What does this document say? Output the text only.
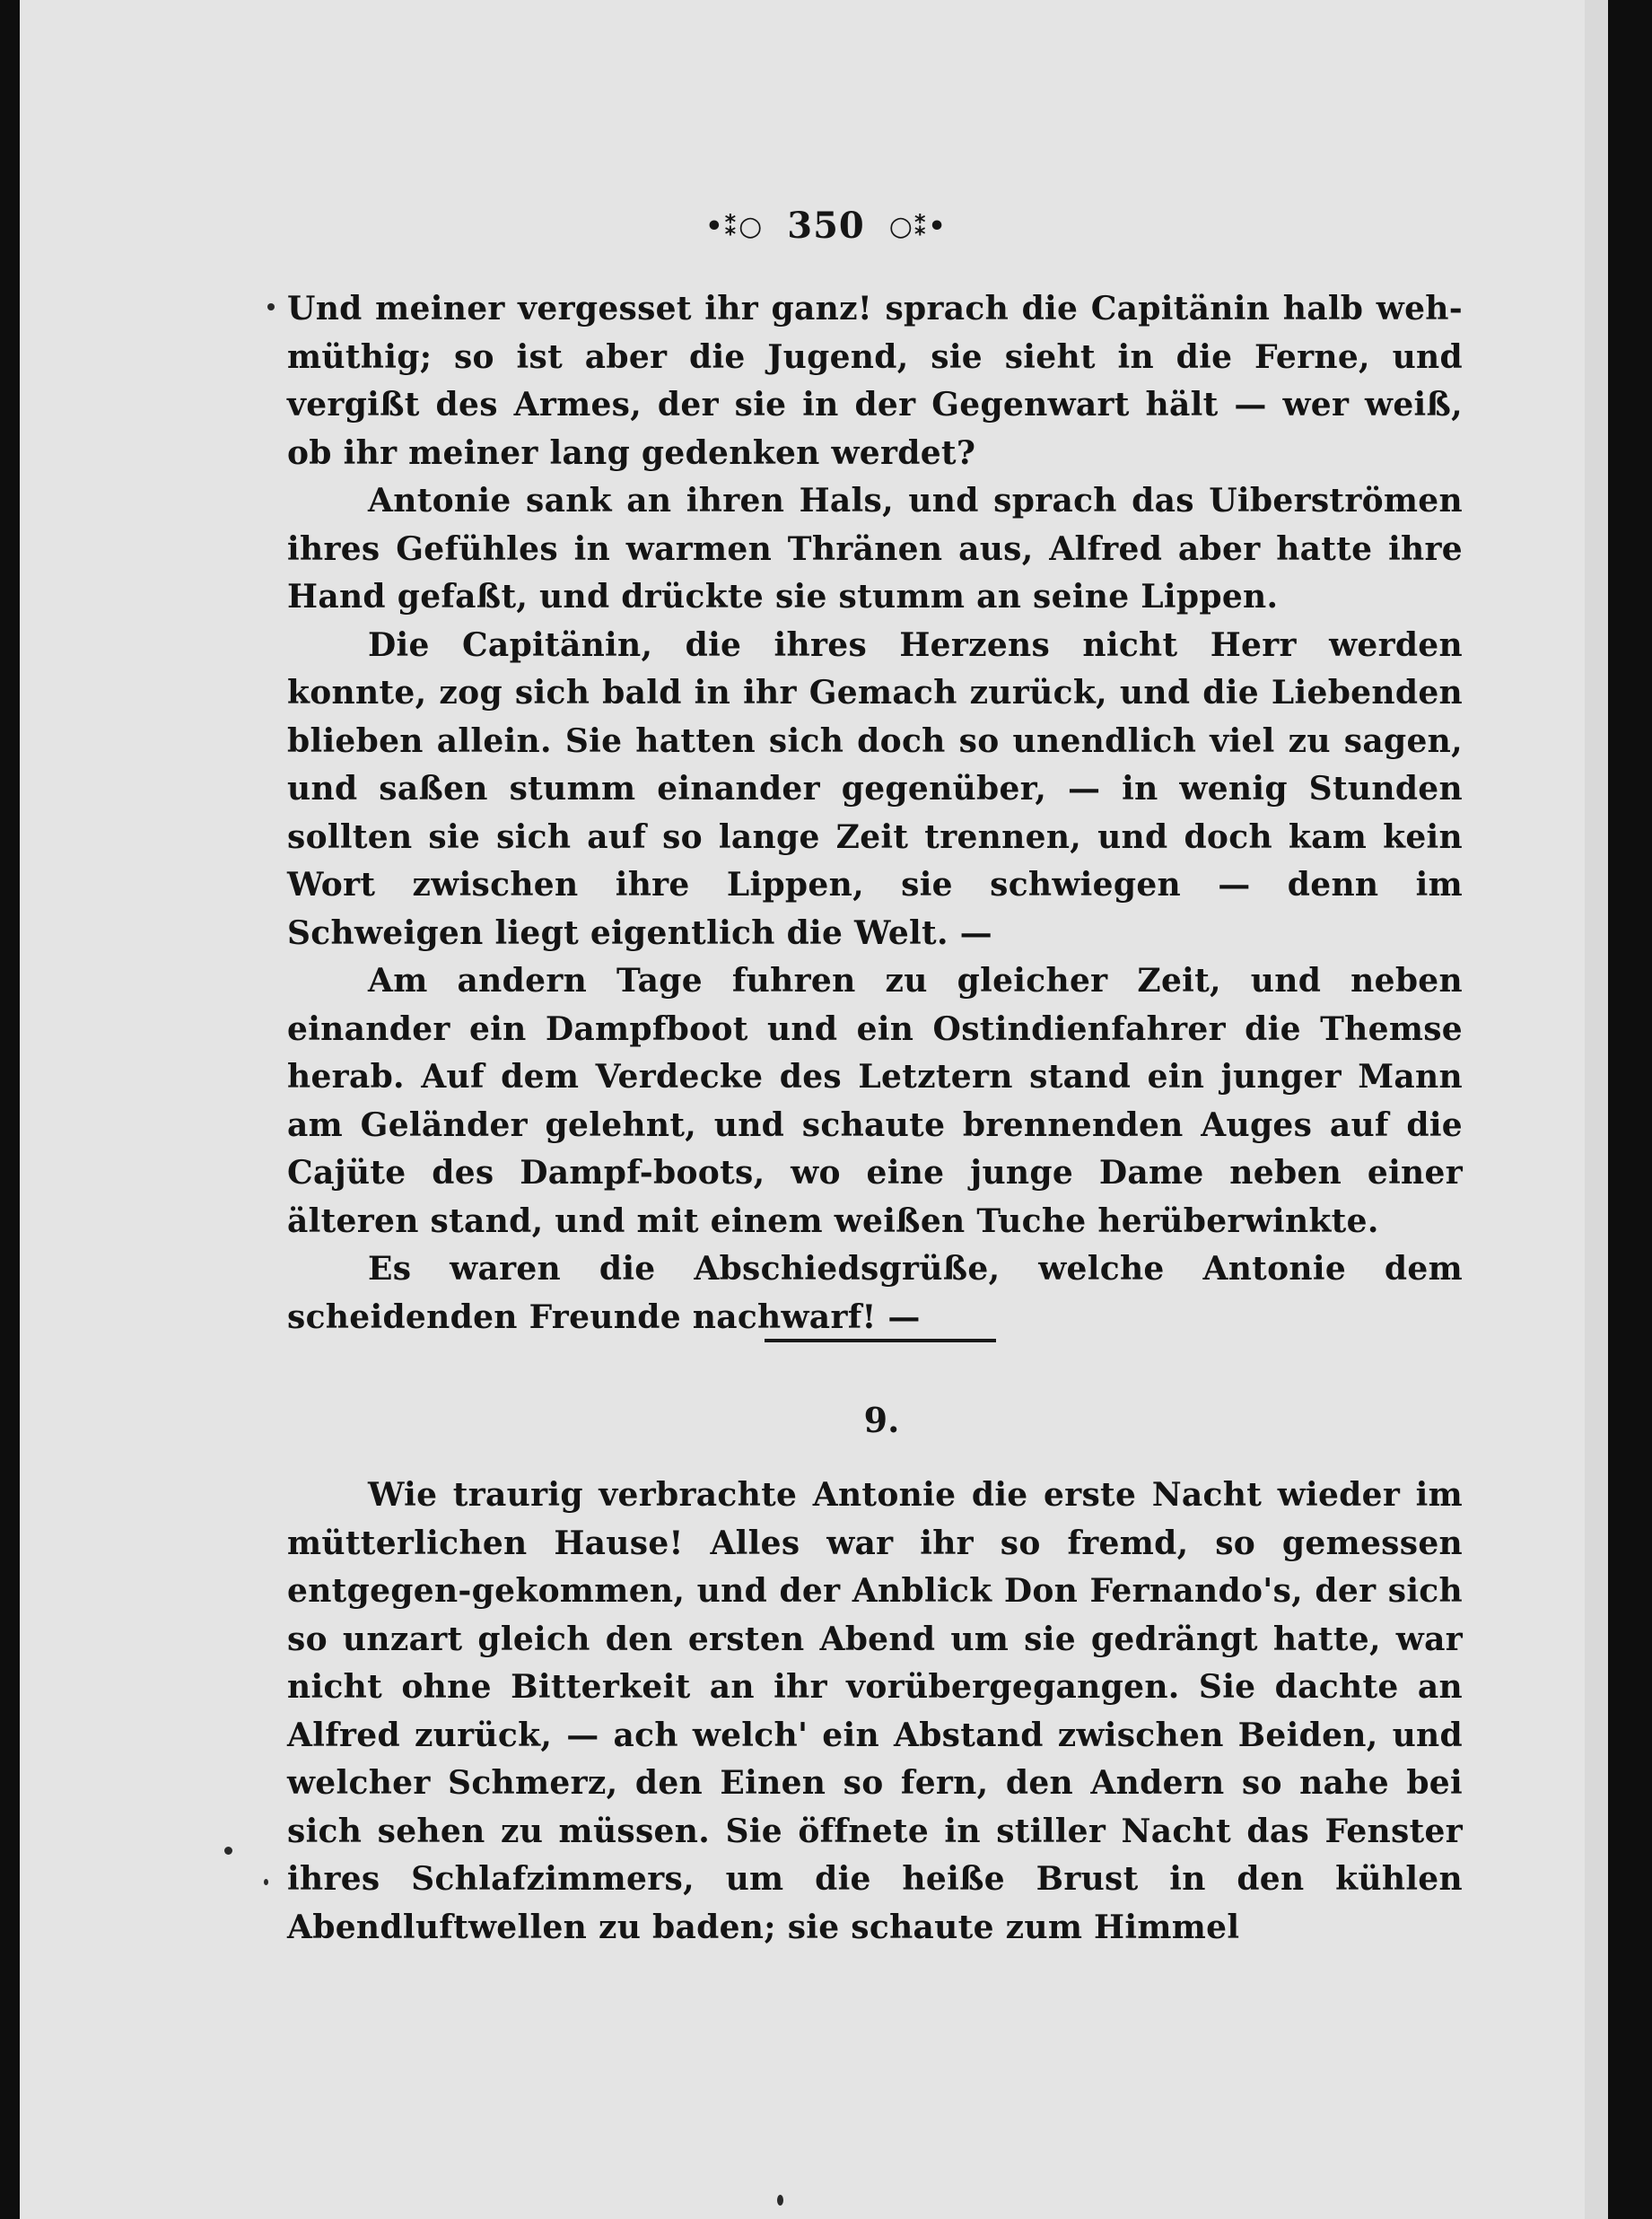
•⁑○ 350 ○⁑•

Und meiner vergesset ihr ganz! sprach die Capitänin halb weh-müthig; so ist aber die Jugend, sie sieht in die Ferne, und vergißt des Armes, der sie in der Gegenwart hält — wer weiß, ob ihr meiner lang gedenken werdet?

Antonie sank an ihren Hals, und sprach das Uiberströmen ihres Gefühles in warmen Thränen aus, Alfred aber hatte ihre Hand gefaßt, und drückte sie stumm an seine Lippen.

Die Capitänin, die ihres Herzens nicht Herr werden konnte, zog sich bald in ihr Gemach zurück, und die Liebenden blieben allein. Sie hatten sich doch so unendlich viel zu sagen, und saßen stumm einander gegenüber, — in wenig Stunden sollten sie sich auf so lange Zeit trennen, und doch kam kein Wort zwischen ihre Lippen, sie schwiegen — denn im Schweigen liegt eigentlich die Welt. —

Am andern Tage fuhren zu gleicher Zeit, und neben einander ein Dampfboot und ein Ostindienfahrer die Themse herab. Auf dem Verdecke des Letztern stand ein junger Mann am Geländer gelehnt, und schaute brennenden Auges auf die Cajüte des Dampf-boots, wo eine junge Dame neben einer älteren stand, und mit einem weißen Tuche herüberwinkte.

Es waren die Abschiedsgrüße, welche Antonie dem scheidenden Freunde nachwarf! —

9.

Wie traurig verbrachte Antonie die erste Nacht wieder im mütterlichen Hause! Alles war ihr so fremd, so gemessen entgegen-gekommen, und der Anblick Don Fernando's, der sich so unzart gleich den ersten Abend um sie gedrängt hatte, war nicht ohne Bitterkeit an ihr vorübergegangen. Sie dachte an Alfred zurück, — ach welch' ein Abstand zwischen Beiden, und welcher Schmerz, den Einen so fern, den Andern so nahe bei sich sehen zu müssen. Sie öffnete in stiller Nacht das Fenster ihres Schlafzimmers, um die heiße Brust in den kühlen Abendluftwellen zu baden; sie schaute zum Himmel
